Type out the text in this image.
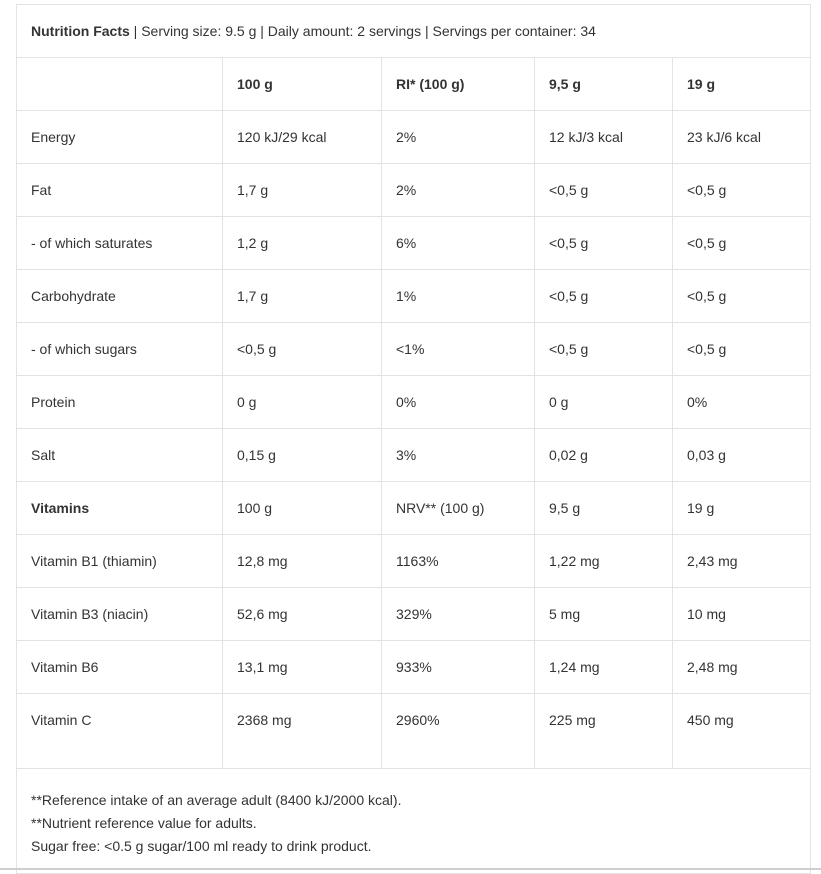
Nutrition Facts | Serving size: 9.5 g | Daily amount: 2 servings | Servings per container: 34				
	100 g	RI* (100 g)	9,5 g	19 g
Energy	120 kJ/29 kcal	2%	12 kJ/3 kcal	23 kJ/6 kcal
Fat	1,7 g	2%	<0,5 g	<0,5 g
- of which saturates	1,2 g	6%	<0,5 g	<0,5 g
Carbohydrate	1,7 g	1%	<0,5 g	<0,5 g
- of which sugars	<0,5 g	<1%	<0,5 g	<0,5 g
Protein	0 g	0%	0 g	0%
Salt	0,15 g	3%	0,02 g	0,03 g
Vitamins	100 g	NRV** (100 g)	9,5 g	19 g
Vitamin B1 (thiamin)	12,8 mg	1163%	1,22 mg	2,43 mg
Vitamin B3 (niacin)	52,6 mg	329%	5 mg	10 mg
Vitamin B6	13,1 mg	933%	1,24 mg	2,48 mg
Vitamin C	2368 mg	2960%	225 mg	450 mg

**Reference intake of an average adult (8400 kJ/2000 kcal).
**Nutrient reference value for adults.
Sugar free: <0.5 g sugar/100 ml ready to drink product.				
